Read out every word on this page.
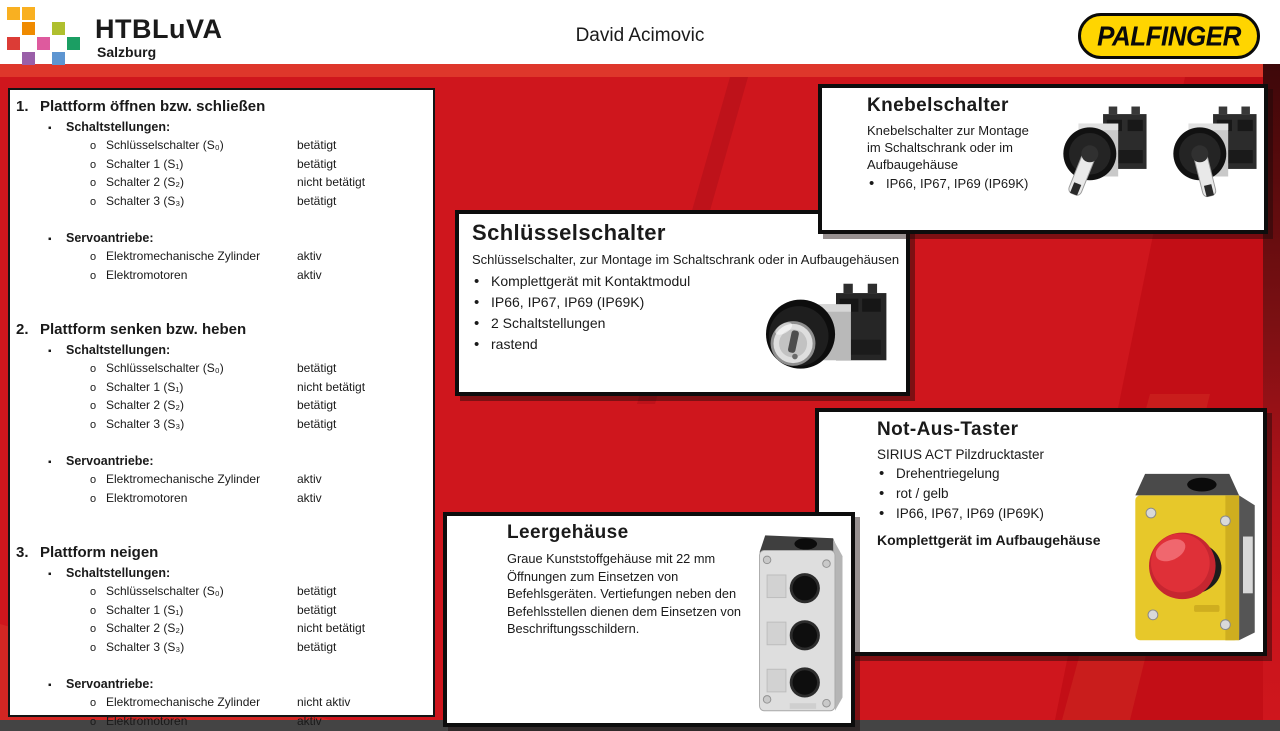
HTBLuVA
Salzburg
David Acimovic	PALFINGER
1. Plattform öffnen bzw. schließen
▪
Schaltstellungen:
o
Schlüsselschalter (S₀)	betätigt
o
Schalter 1 (S₁)	betätigt
o
Schalter 2 (S₂)	nicht betätigt
o
Schalter 3 (S₃)	betätigt
▪
Servoantriebe:
o
Elektromechanische Zylinder	aktiv
o
Elektromotoren	aktiv
2. Plattform senken bzw. heben
▪
Schaltstellungen:
o
Schlüsselschalter (S₀)	betätigt
o
Schalter 1 (S₁)	nicht betätigt
o
Schalter 2 (S₂)	betätigt
o
Schalter 3 (S₃)	betätigt
▪
Servoantriebe:
o
Elektromechanische Zylinder	aktiv
o
Elektromotoren	aktiv
3. Plattform neigen
▪
Schaltstellungen:
o
Schlüsselschalter (S₀)	betätigt
o
Schalter 1 (S₁)	betätigt
o
Schalter 2 (S₂)	nicht betätigt
o
Schalter 3 (S₃)	betätigt
▪
Servoantriebe:
o
Elektromechanische Zylinder	nicht aktiv
o
Elektromotoren	aktiv
Schlüsselschalter
Schlüsselschalter, zur Montage im Schaltschrank oder in Aufbaugehäusen
• Komplettgerät mit Kontaktmodul
• IP66, IP67, IP69 (IP69K)
• 2 Schaltstellungen
• rastend
Knebelschalter
Knebelschalter zur Montage im Schaltschrank oder im Aufbaugehäuse
• IP66, IP67, IP69 (IP69K)
Not-Aus-Taster
SIRIUS ACT Pilzdrucktaster
• Drehentriegelung
• rot / gelb
• IP66, IP67, IP69 (IP69K)
Komplettgerät im Aufbaugehäuse
Leergehäuse
Graue Kunststoffgehäuse mit 22 mm Öffnungen zum Einsetzen von Befehlsgeräten. Vertiefungen neben den Befehlsstellen dienen dem Einsetzen von Beschriftungsschildern.
